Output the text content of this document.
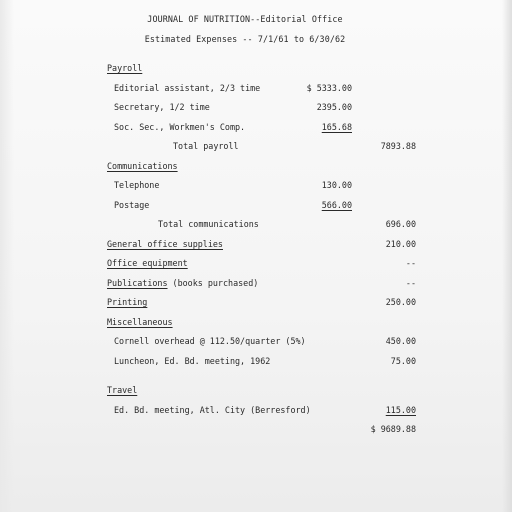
JOURNAL OF NUTRITION--Editorial Office
Estimated Expenses -- 7/1/61 to 6/30/62
Payroll
Editorial assistant, 2/3 time	$ 5333.00
Secretary, 1/2 time	2395.00
Soc. Sec., Workmen's Comp.	165.68
Total payroll	7893.88
Communications
Telephone	130.00
Postage	566.00
Total communications	696.00
General office supplies	210.00
Office equipment	--
Publications (books purchased)	--
Printing	250.00
Miscellaneous
Cornell overhead @ 112.50/quarter (5%)	450.00
Luncheon, Ed. Bd. meeting, 1962	75.00
Travel
Ed. Bd. meeting, Atl. City (Berresford)	115.00
$ 9689.88
